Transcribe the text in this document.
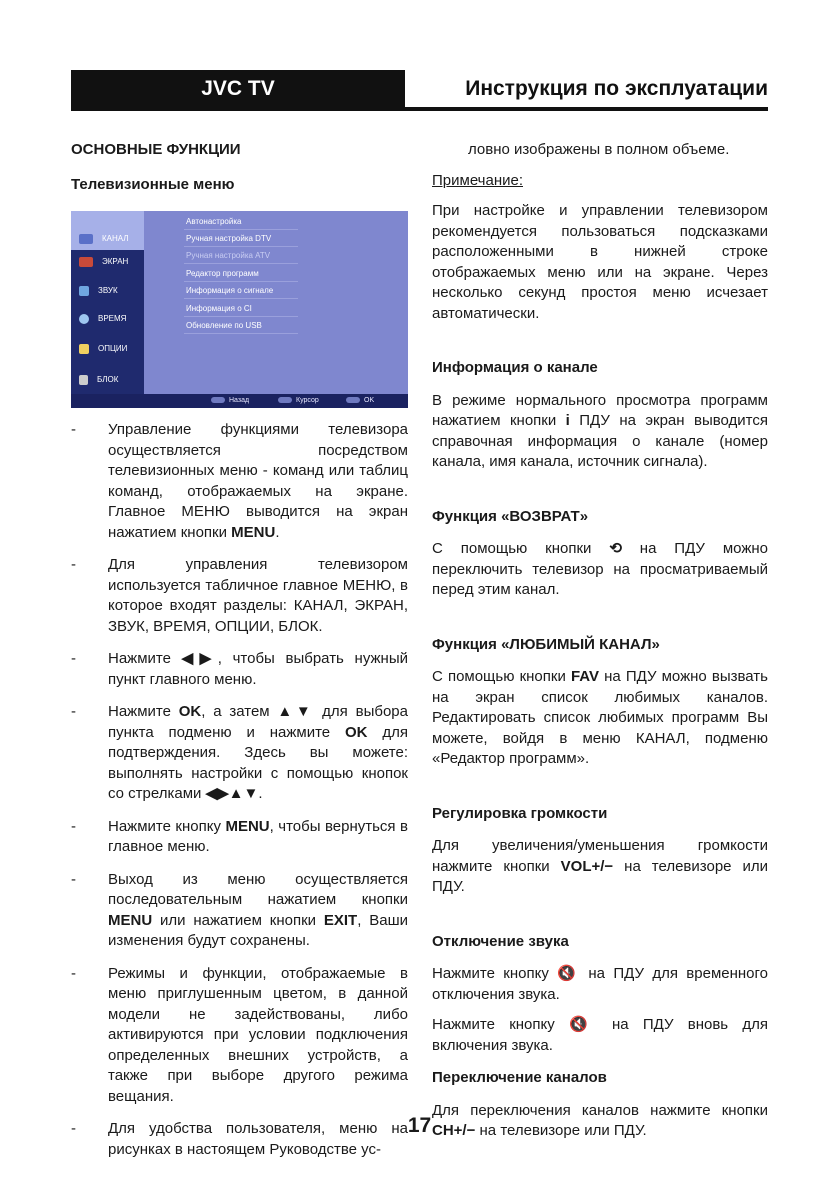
JVC TV	Инструкция по эксплуатации
ОСНОВНЫЕ ФУНКЦИИ
Телевизионные меню
КАНАЛ
ЭКРАН
ЗВУК
ВРЕМЯ
ОПЦИИ
БЛОК
Автонастройка
Ручная настройка DTV
Ручная настройка ATV
Редактор программ
Информация о сигнале
Информация о CI
Обновление по USB
Назад	Курсор	OK
- Управление функциями телевизора осуществляется посредством телевизионных меню - команд или таблиц команд, отображаемых на экране. Главное МЕНЮ выводится на экран нажатием кнопки MENU.
- Для управления телевизором используется табличное главное МЕНЮ, в которое входят разделы: КАНАЛ, ЭКРАН, ЗВУК, ВРЕМЯ, ОПЦИИ, БЛОК.
- Нажмите ◀▶, чтобы выбрать нужный пункт главного меню.
- Нажмите OK, а затем ▲▼ для выбора пункта подменю и нажмите OK для подтверждения. Здесь вы можете: выполнять настройки с помощью кнопок со стрелками ◀▶▲▼.
- Нажмите кнопку MENU, чтобы вернуться в главное меню.
- Выход из меню осуществляется последовательным нажатием кнопки MENU или нажатием кнопки EXIT, Ваши изменения будут сохранены.
- Режимы и функции, отображаемые в меню приглушенным цветом, в данной модели не задействованы, либо активируются при условии подключения определенных внешних устройств, а также при выборе другого режима вещания.
- Для удобства пользователя, меню на рисунках в настоящем Руководстве ус-
ловно изображены в полном объеме.
Примечание:
При настройке и управлении телевизором рекомендуется пользоваться подсказками расположенными в нижней строке отображаемых меню или на экране. Через несколько секунд простоя меню исчезает автоматически.
Информация о канале
В режиме нормального просмотра программ нажатием кнопки i ПДУ на экран выводится справочная информация о канале (номер канала, имя канала, источник сигнала).
Функция «ВОЗВРАТ»
С помощью кнопки ⟲ на ПДУ можно переключить телевизор на просматриваемый перед этим канал.
Функция «ЛЮБИМЫЙ КАНАЛ»
С помощью кнопки FAV на ПДУ можно вызвать на экран список любимых каналов. Редактировать список любимых программ Вы можете, войдя в меню КАНАЛ, подменю «Редактор программ».
Регулировка громкости
Для увеличения/уменьшения громкости нажмите кнопки VOL+/− на телевизоре или ПДУ.
Отключение звука
Нажмите кнопку 🔇 на ПДУ для временного отключения звука.
Нажмите кнопку 🔇 на ПДУ вновь для включения звука.
Переключение каналов
Для переключения каналов нажмите кнопки CH+/− на телевизоре или ПДУ.
17
